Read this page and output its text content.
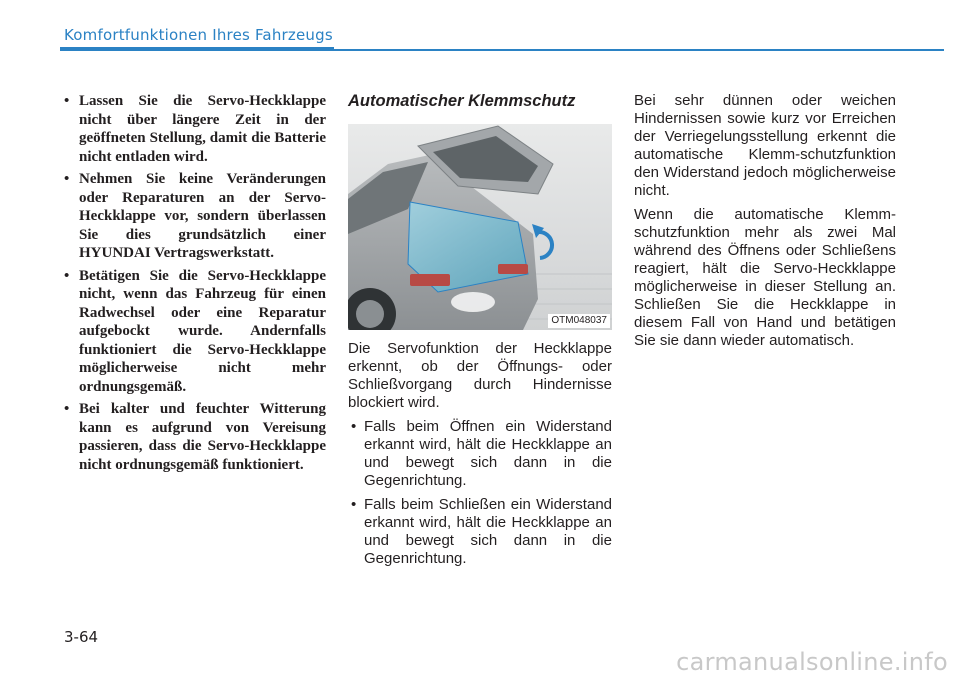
Komfortfunktionen Ihres Fahrzeugs
• Lassen Sie die Servo-Heckklappe nicht über längere Zeit in der geöffneten Stellung, damit die Batterie nicht entladen wird.
• Nehmen Sie keine Veränderungen oder Reparaturen an der Servo-Heckklappe vor, sondern überlassen Sie dies grundsätzlich einer HYUNDAI Vertragswerkstatt.
• Betätigen Sie die Servo-Heckklappe nicht, wenn das Fahrzeug für einen Radwechsel oder eine Reparatur aufgebockt wurde. Andernfalls funktioniert die Servo-Heckklappe möglicherweise nicht mehr ordnungsgemäß.
• Bei kalter und feuchter Witterung kann es aufgrund von Vereisung passieren, dass die Servo-Heckklappe nicht ordnungsgemäß funktioniert.
Automatischer Klemmschutz
OTM048037

Die Servofunktion der Heckklappe erkennt, ob der Öffnungs- oder Schließvorgang durch Hindernisse blockiert wird.

• Falls beim Öffnen ein Widerstand erkannt wird, hält die Heckklappe an und bewegt sich dann in die Gegenrichtung.
• Falls beim Schließen ein Widerstand erkannt wird, hält die Heckklappe an und bewegt sich dann in die Gegenrichtung.

Bei sehr dünnen oder weichen Hindernissen sowie kurz vor Erreichen der Verriegelungsstellung erkennt die automatische Klemm-schutzfunktion den Widerstand jedoch möglicherweise nicht.

Wenn die automatische Klemm-schutzfunktion mehr als zwei Mal während des Öffnens oder Schließens reagiert, hält die Servo-Heckklappe möglicherweise in dieser Stellung an. Schließen Sie die Heckklappe in diesem Fall von Hand und betätigen Sie sie dann wieder automatisch.

3-64
carmanualsonline.info
